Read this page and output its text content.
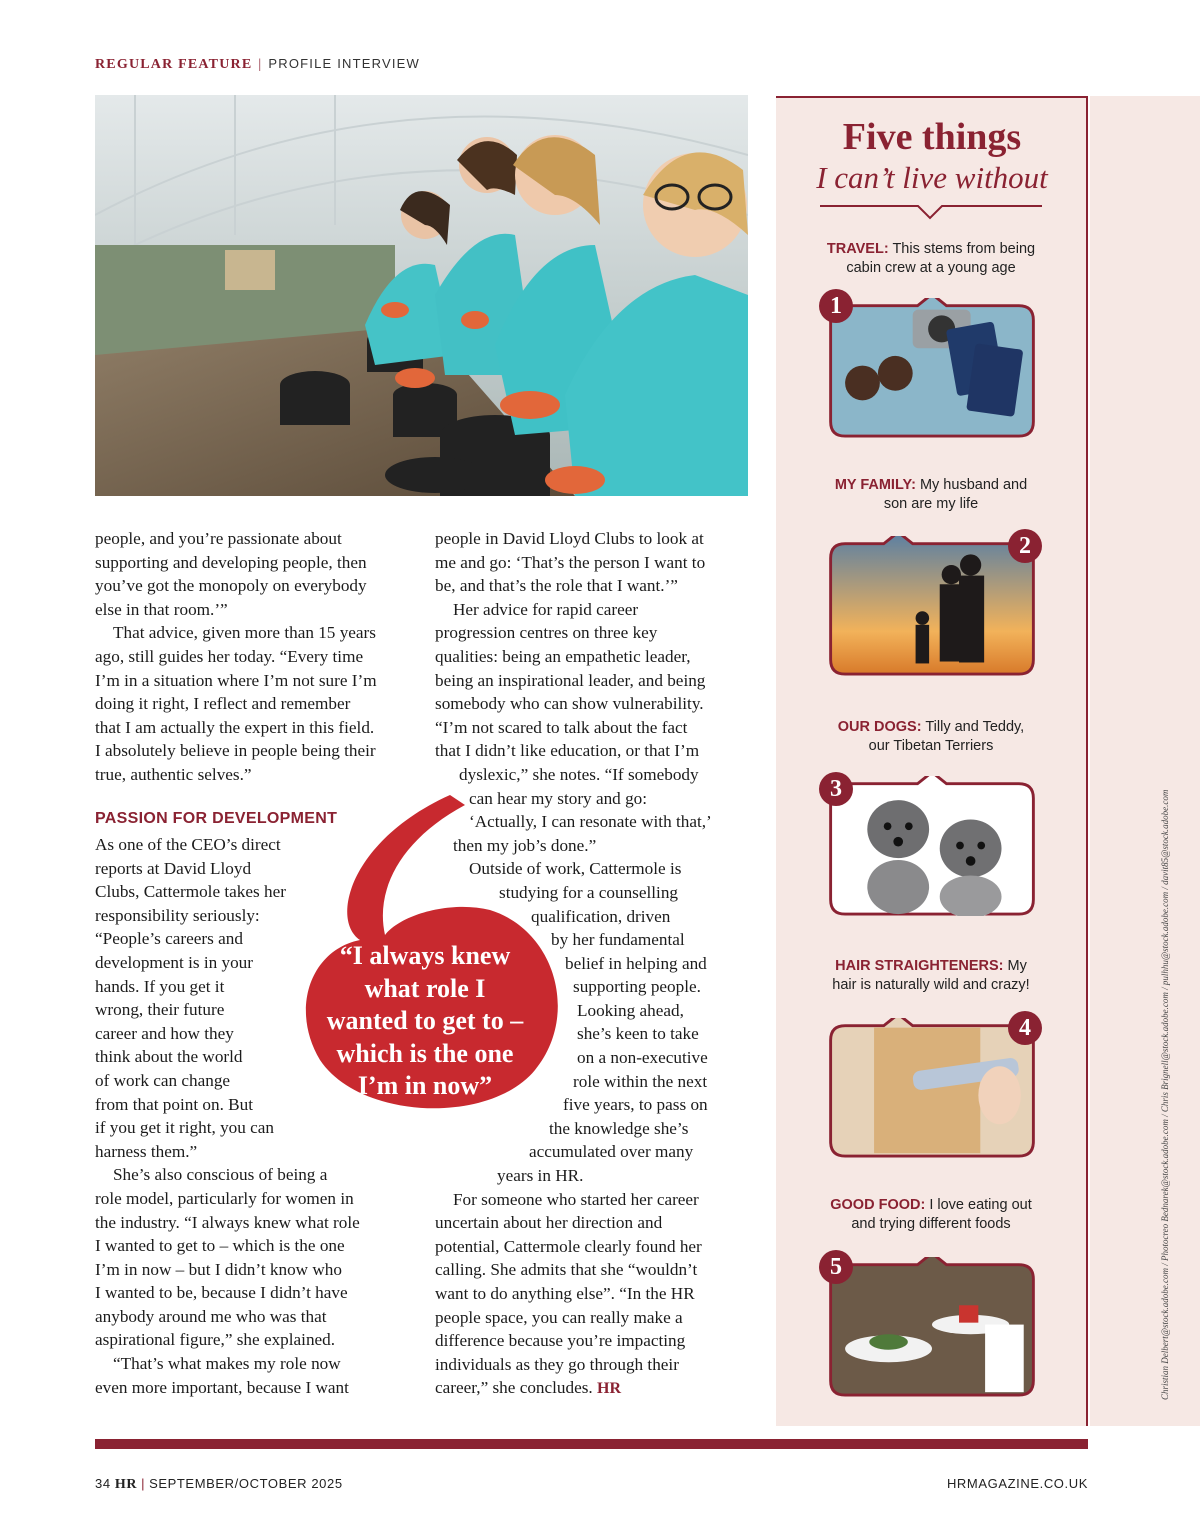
REGULAR FEATURE | PROFILE INTERVIEW
people, and you’re passionate about
supporting and developing people, then
you’ve got the monopoly on everybody
else in that room.’”
That advice, given more than 15 years
ago, still guides her today. “Every time
I’m in a situation where I’m not sure I’m
doing it right, I reflect and remember
that I am actually the expert in this field.
I absolutely believe in people being their
true, authentic selves.”
PASSION FOR DEVELOPMENT
“I always knew
what role I
wanted to get to –
which is the one
I’m in now”
As one of the CEO’s direct
reports at David Lloyd
Clubs, Cattermole takes her
responsibility seriously:
“People’s careers and
development is in your
hands. If you get it
wrong, their future
career and how they
think about the world
of work can change
from that point on. But
if you get it right, you can
harness them.”
She’s also conscious of being a
role model, particularly for women in
the industry. “I always knew what role
I wanted to get to – which is the one
I’m in now – but I didn’t know who
I wanted to be, because I didn’t have
anybody around me who was that
aspirational figure,” she explained.
“That’s what makes my role now
even more important, because I want
people in David Lloyd Clubs to look at
me and go: ‘That’s the person I want to
be, and that’s the role that I want.’”
Her advice for rapid career
progression centres on three key
qualities: being an empathetic leader,
being an inspirational leader, and being
somebody who can show vulnerability.
“I’m not scared to talk about the fact
that I didn’t like education, or that I’m
dyslexic,” she notes. “If somebody
can hear my story and go:
‘Actually, I can resonate with that,’
then my job’s done.”
Outside of work, Cattermole is
studying for a counselling
qualification, driven
by her fundamental
belief in helping and
supporting people.
Looking ahead,
she’s keen to take
on a non-executive
role within the next
five years, to pass on
the knowledge she’s
accumulated over many
years in HR.
For someone who started her career
uncertain about her direction and
potential, Cattermole clearly found her
calling. She admits that she “wouldn’t
want to do anything else”. “In the HR
people space, you can really make a
difference because you’re impacting
individuals as they go through their
career,” she concludes. HR
Five things
I can’t live without
TRAVEL: This stems from being
cabin crew at a young age
1
MY FAMILY: My husband and
son are my life
2
OUR DOGS: Tilly and Teddy,
our Tibetan Terriers
3
HAIR STRAIGHTENERS: My
hair is naturally wild and crazy!
4
GOOD FOOD: I love eating out
and trying different foods
5	Christian Delbert@stock.adobe.com / Photocreo Bednarek@stock.adobe.com / Chris Brignell@stock.adobe.com / pulhhu@stock.adobe.com / davit85@stock.adobe.com
34 HR | SEPTEMBER/OCTOBER 2025	HRMAGAZINE.CO.UK
